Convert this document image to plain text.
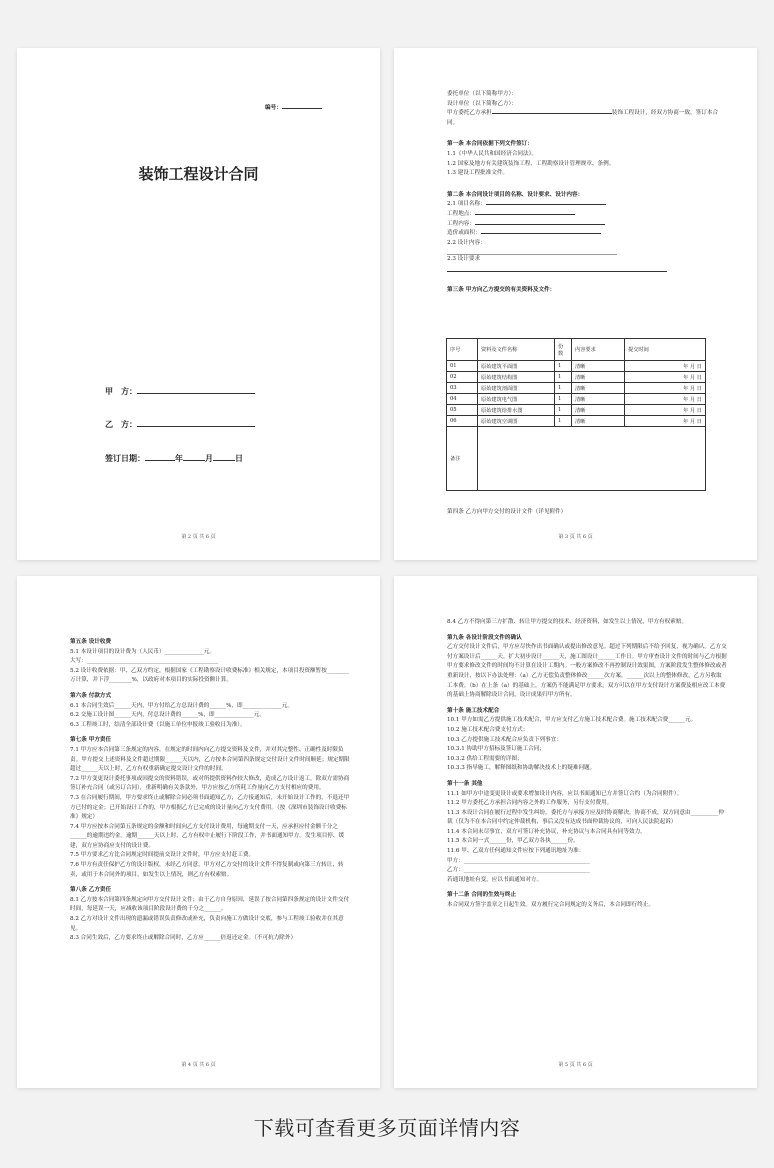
编号：
装饰工程设计合同
甲　方：
乙　方：
签订日期：	年	月	日
第 2 页 共 6 页

委托单位（以下简称甲方）：

设计单位（以下简称乙方）：

甲方委托乙方承担	装饰工程设计，经双方协商一致，签订本合同。

第一条 本合同依据下列文件签订：

1.1《中华人民共和国经济合同法》。

1.2 国家及地方有关建筑装饰工程、工程勘察设计管理规章、条例。

1.3 建设工程批准文件。

第二条 本合同设计项目的名称、设计要求、设计内容：

2.1 项目名称：

工程地点：

工程内容：

造价或面积：

2.2 设计内容：

2.3 设计要求

第三条 甲方向乙方提交的有关资料及文件：

序号	资料及文件名称	份数	内容要求	提交时间
01	原始建筑平面图	1	清晰	年 月 日
02	原始建筑结构图	1	清晰	年 月 日
03	原始建筑剖面图	1	清晰	年 月 日
04	原始建筑电气图	1	清晰	年 月 日
05	原始建筑给排水图	1	清晰	年 月 日
06	原始建筑空调图	1	清晰	年 月 日
备注				
第四条 乙方向甲方交付的设计文件（详见附件）
第 3 页 共 6 页

第五条 设计收费

5.1 本设计项目的设计费为（人民币）______________元。

大写：_______________________________________________

5.2 设计收费依据：甲、乙双方约定，根据国家《工程勘察设计收费标准》相关规定，本项目投资额暂按________万计算，并下浮________%，以政府对本项目的实际投资额计算。

第六条 付款方式

6.1 本合同生效后______天内，甲方付给乙方总设计费的______%，即______________元。

6.2 交施工设计图______天内，付总设计费的______%，即______________元。

6.3 工程竣工时，结清全部设计费（以施工单位申报竣工验收日为准）。

第七条 甲方责任

7.1 甲方应本合同第三条规定的内容，在规定的时间内向乙方提交资料及文件，并对其完整性、正确性及时限负责。甲方提交上述资料及文件超过期限______天以内，乙方按本合同第四条规定交付设计文件时间顺延；规定期限超过______天以上时，乙方有权重新确定提交设计文件的时间。

7.2 甲方变更设计委托事项或因提交的资料错误，或对所提供资料作较大修改，造成乙方设计返工，除双方需协商签订补充合同（或另订合同），重新明确有关条款外，甲方应按乙方所耗工作量向乙方支付相应的费用。

7.3 在合同履行期间，甲方要求终止或解除合同必须书面通知乙方，乙方接通知后，未开始设计工作的，不退还甲方已付的定金；已开始设计工作的，甲方根据乙方已完成的设计量向乙方支付费用。（按《深圳市装饰设计收费标准》规定）

7.4 甲方应按本合同第五条规定的金额和时间向乙方支付设计费用，每逾期支付一天，应承担应付金额千分之______的逾期违约金。逾期______天以上时，乙方有权中止履行下阶段工作，并书面通知甲方。发生项目停、缓建，双方应协商应支付的设计费。

7.5 甲方要求乙方比合同规定时间提前交设计文件时，甲方应支付赶工费。

7.6 甲方有责任保护乙方的设计版权，未经乙方同意，甲方对乙方交付的设计文件不得复制或向第三方转让、转卖，或用于本合同外的项目，如发生以上情况，则乙方有权索赔。

第八条 乙方责任

8.1 乙方按本合同第四条规定向甲方交付设计文件；由于乙方自身原因，延误了按合同第四条规定的设计文件交付时间，每延误一天，应减收该项目阶段设计费的千分之______。

8.2 乙方对设计文件出现的遗漏或错误负责修改或补充，负责向施工方做设计交底，参与工程竣工验收并在其意见。

8.3 合同生效后，乙方要求终止或解除合同时，乙方应______倍返还定金。（不可抗力除外）

第 4 页 共 6 页

8.4 乙方不得向第三方扩散、转让甲方提交的技术、经济资料，如发生以上情况，甲方有权索赔。

第九条 各设计阶段文件的确认

乙方交付设计文件后，甲方应尽快作出书面确认或提出修改意见。超过下列期限后不给予回复，视为确认。乙方交付方案设计后______天，扩大初步设计______天，施工图设计______工作日。甲方审查设计文件的时间与乙方根据甲方要求修改文件的时间均不计算在设计工期内。一般方案修改不再控制设计效果图，方案阶段发生整体修改或者重新设计，按以下办法处理：（a）乙方无偿负责整体修改______次方案，______次以上的整体修改，乙方另收取工本费。（b）在上条（a）的基础上，方案仍不能满足甲方要求，双方可以在甲方支付设计方案费及相应改工本费的基础上协商解除设计合同，设计成果归甲方所有。

第十条 施工技术配合

10.1 甲方如需乙方提供施工技术配合，甲方应支付乙方施工技术配合费。施工技术配合费______元。

10.2 施工技术配合费支付方式：

10.3 乙方提供施工技术配合应负责下列事宜：

10.3.1 协助甲方招标及签订施工合同；

10.3.2 供给工程需要的详图；

10.3.3 指导施工，解释图纸和协助解决技术上的疑难问题。

第十一条 其他

11.1 如甲方中途变更设计或要求增加设计内容，应以书面通知已方并签订合约（为合同附件）。

11.2 甲方委托乙方承担合同内容之外的工作服务，另行支付费用。

11.3 本设计合同在履行过程中发生纠纷，委托方与承接方应及时协商解决。协商不成，双方同意由__________仲裁（仅为不在本合同中约定仲裁机构，事后又没有达成书面仲裁协议的，可向人民法院起诉）

11.4 本合同未尽事宜，双方可签订补充协议，补充协议与本合同具有同等效力。

11.5 本合同一式______份，甲乙双方各执______份。

11.6 甲、乙双方任何通知文件应按下列通讯地址为准：

甲方：_____________________________________________

乙方：_____________________________________________

若通讯地址有变，应以书面通知对方。

第十二条 合同的生效与终止

本合同双方签字盖章之日起生效。双方履行完合同规定的义务后，本合同即行终止。

第 5 页 共 6 页
下载可查看更多页面详情内容
